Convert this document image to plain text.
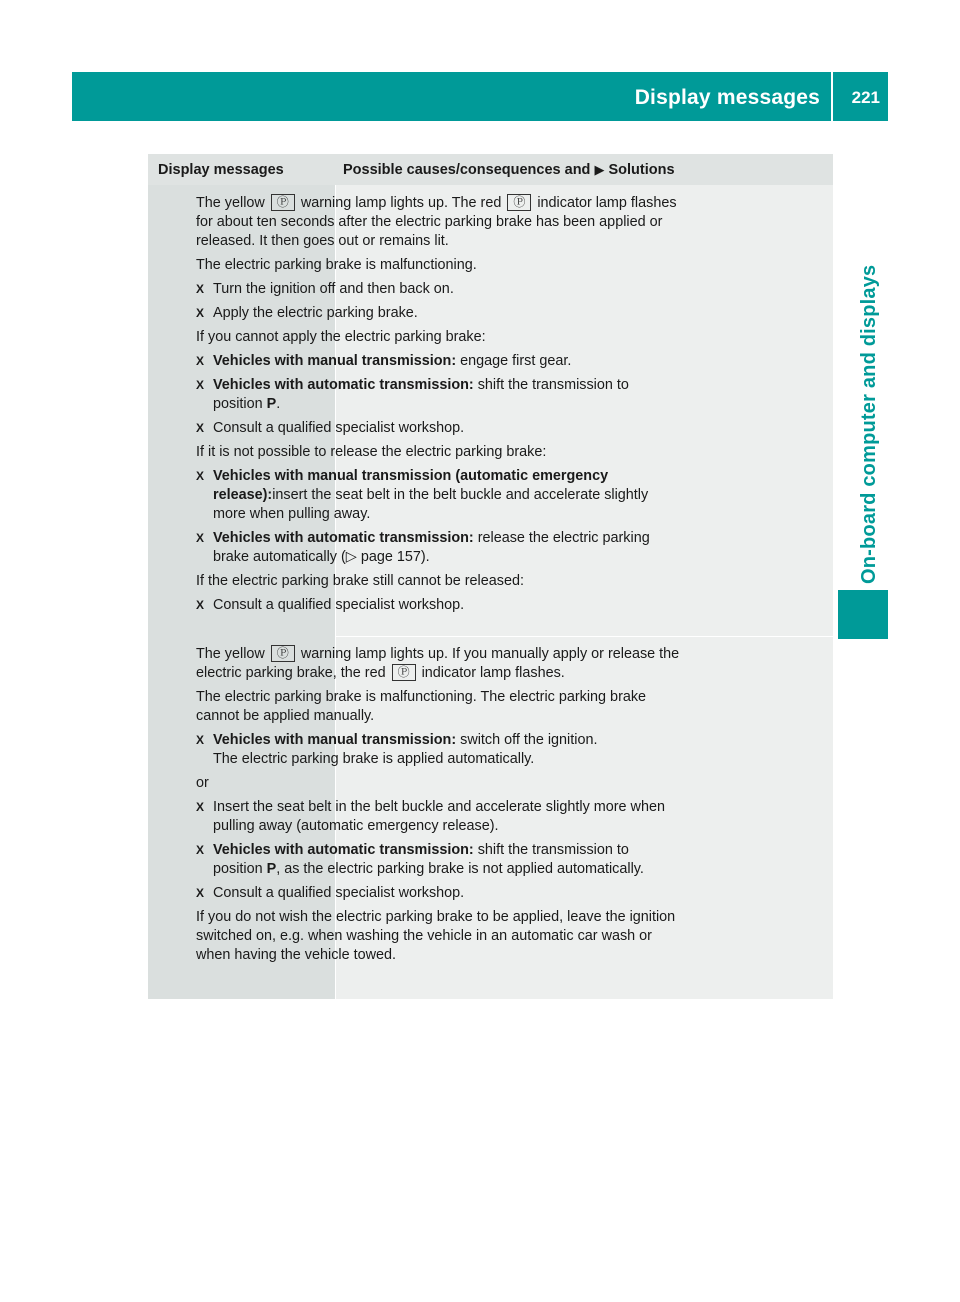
Display messages 221
On-board computer and displays
Display messages	Possible causes/consequences and ▶ Solutions

The yellow Ⓟ warning lamp lights up. The red Ⓟ indicator lamp flashes for about ten seconds after the electric parking brake has been applied or released. It then goes out or remains lit.

The electric parking brake is malfunctioning.

X Turn the ignition off and then back on.
X Apply the electric parking brake.

If you cannot apply the electric parking brake:

X Vehicles with manual transmission: engage first gear.
X Vehicles with automatic transmission: shift the transmission to position P.
X Consult a qualified specialist workshop.

If it is not possible to release the electric parking brake:

X Vehicles with manual transmission (automatic emergency release):insert the seat belt in the belt buckle and accelerate slightly more when pulling away.
X Vehicles with automatic transmission: release the electric parking brake automatically (▷ page 157).

If the electric parking brake still cannot be released:

X Consult a qualified specialist workshop.

The yellow Ⓟ warning lamp lights up. If you manually apply or release the electric parking brake, the red Ⓟ indicator lamp flashes.

The electric parking brake is malfunctioning. The electric parking brake cannot be applied manually.

X Vehicles with manual transmission: switch off the ignition.
The electric parking brake is applied automatically.

or

X Insert the seat belt in the belt buckle and accelerate slightly more when pulling away (automatic emergency release).
X Vehicles with automatic transmission: shift the transmission to position P, as the electric parking brake is not applied automatically.
X Consult a qualified specialist workshop.

If you do not wish the electric parking brake to be applied, leave the ignition switched on, e.g. when washing the vehicle in an automatic car wash or when having the vehicle towed.
